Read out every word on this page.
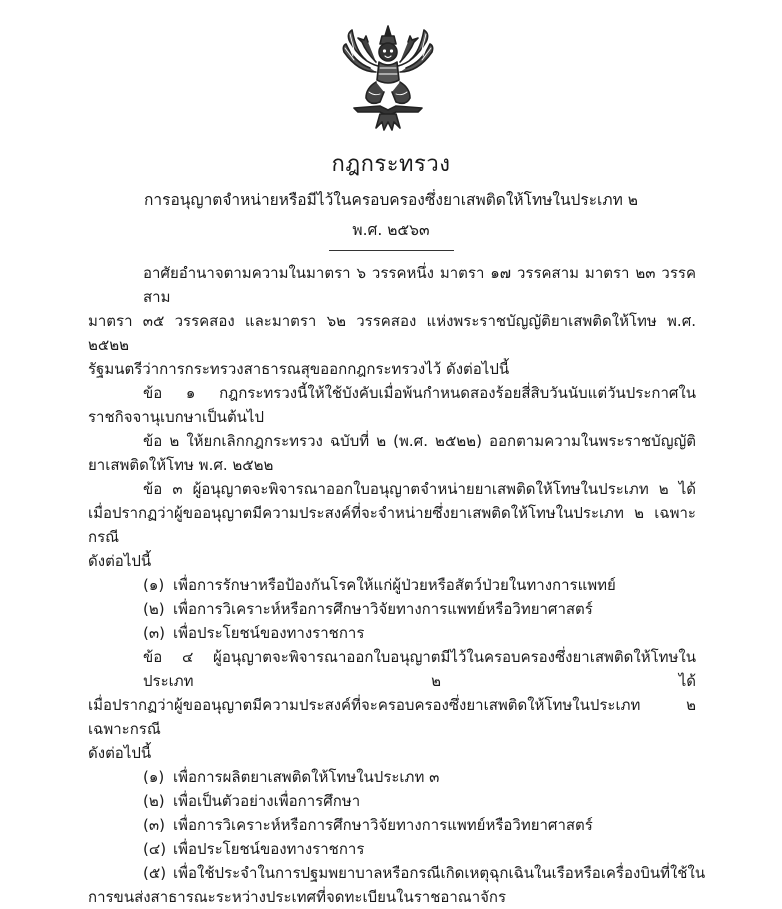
กฎกระทรวง
การอนุญาตจำหน่ายหรือมีไว้ในครอบครองซึ่งยาเสพติดให้โทษในประเภท ๒
พ.ศ. ๒๕๖๓
อาศัยอำนาจตามความในมาตรา ๖ วรรคหนึ่ง มาตรา ๑๗ วรรคสาม มาตรา ๒๓ วรรคสาม
มาตรา ๓๕ วรรคสอง และมาตรา ๖๒ วรรคสอง แห่งพระราชบัญญัติยาเสพติดให้โทษ พ.ศ. ๒๕๒๒
รัฐมนตรีว่าการกระทรวงสาธารณสุขออกกฎกระทรวงไว้ ดังต่อไปนี้
ข้อ ๑ กฎกระทรวงนี้ให้ใช้บังคับเมื่อพ้นกำหนดสองร้อยสี่สิบวันนับแต่วันประกาศใน
ราชกิจจานุเบกษาเป็นต้นไป
ข้อ ๒ ให้ยกเลิกกฎกระทรวง ฉบับที่ ๒ (พ.ศ. ๒๕๒๒) ออกตามความในพระราชบัญญัติ
ยาเสพติดให้โทษ พ.ศ. ๒๕๒๒
ข้อ ๓ ผู้อนุญาตจะพิจารณาออกใบอนุญาตจำหน่ายยาเสพติดให้โทษในประเภท ๒ ได้
เมื่อปรากฏว่าผู้ขออนุญาตมีความประสงค์ที่จะจำหน่ายซึ่งยาเสพติดให้โทษในประเภท ๒ เฉพาะกรณี
ดังต่อไปนี้
(๑) เพื่อการรักษาหรือป้องกันโรคให้แก่ผู้ป่วยหรือสัตว์ป่วยในทางการแพทย์
(๒) เพื่อการวิเคราะห์หรือการศึกษาวิจัยทางการแพทย์หรือวิทยาศาสตร์
(๓) เพื่อประโยชน์ของทางราชการ
ข้อ ๔ ผู้อนุญาตจะพิจารณาออกใบอนุญาตมีไว้ในครอบครองซึ่งยาเสพติดให้โทษในประเภท ๒ ได้
เมื่อปรากฏว่าผู้ขออนุญาตมีความประสงค์ที่จะครอบครองซึ่งยาเสพติดให้โทษในประเภท ๒ เฉพาะกรณี
ดังต่อไปนี้
(๑) เพื่อการผลิตยาเสพติดให้โทษในประเภท ๓
(๒) เพื่อเป็นตัวอย่างเพื่อการศึกษา
(๓) เพื่อการวิเคราะห์หรือการศึกษาวิจัยทางการแพทย์หรือวิทยาศาสตร์
(๔) เพื่อประโยชน์ของทางราชการ
(๕) เพื่อใช้ประจำในการปฐมพยาบาลหรือกรณีเกิดเหตุฉุกเฉินในเรือหรือเครื่องบินที่ใช้ใน
การขนส่งสาธารณะระหว่างประเทศที่จดทะเบียนในราชอาณาจักร
